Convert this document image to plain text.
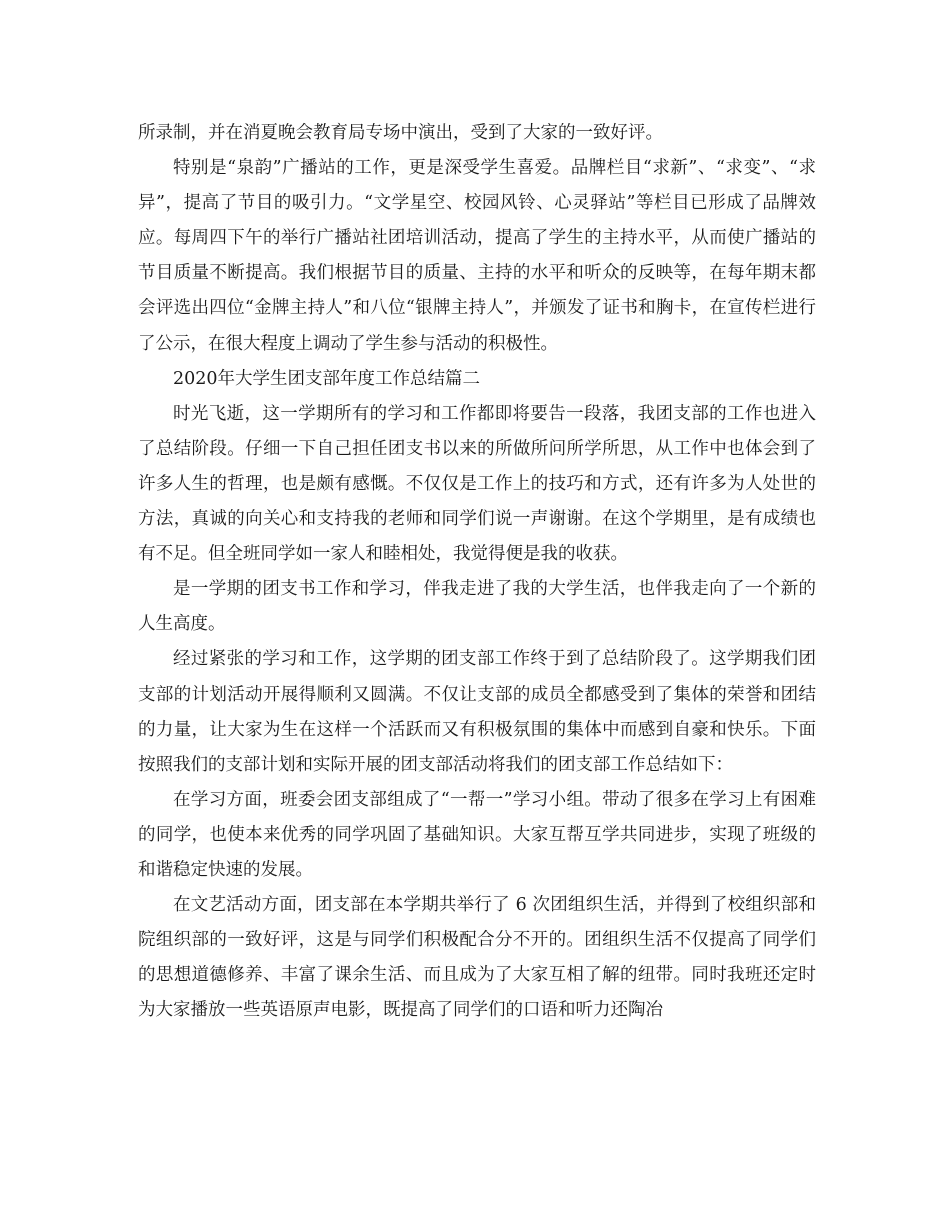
所录制，并在消夏晚会教育局专场中演出，受到了大家的一致好评。

特别是“泉韵”广播站的工作，更是深受学生喜爱。品牌栏目“求新”、“求变”、“求异”，提高了节目的吸引力。“文学星空、校园风铃、心灵驿站”等栏目已形成了品牌效应。每周四下午的举行广播站社团培训活动，提高了学生的主持水平，从而使广播站的节目质量不断提高。我们根据节目的质量、主持的水平和听众的反映等，在每年期末都会评选出四位“金牌主持人”和八位“银牌主持人”，并颁发了证书和胸卡，在宣传栏进行了公示，在很大程度上调动了学生参与活动的积极性。

2020年大学生团支部年度工作总结篇二

时光飞逝，这一学期所有的学习和工作都即将要告一段落，我团支部的工作也进入了总结阶段。仔细一下自己担任团支书以来的所做所问所学所思，从工作中也体会到了许多人生的哲理，也是颇有感慨。不仅仅是工作上的技巧和方式，还有许多为人处世的方法，真诚的向关心和支持我的老师和同学们说一声谢谢。在这个学期里，是有成绩也有不足。但全班同学如一家人和睦相处，我觉得便是我的收获。

是一学期的团支书工作和学习，伴我走进了我的大学生活，也伴我走向了一个新的人生高度。

经过紧张的学习和工作，这学期的团支部工作终于到了总结阶段了。这学期我们团支部的计划活动开展得顺利又圆满。不仅让支部的成员全都感受到了集体的荣誉和团结的力量，让大家为生在这样一个活跃而又有积极氛围的集体中而感到自豪和快乐。下面按照我们的支部计划和实际开展的团支部活动将我们的团支部工作总结如下：

在学习方面，班委会团支部组成了“一帮一”学习小组。带动了很多在学习上有困难的同学，也使本来优秀的同学巩固了基础知识。大家互帮互学共同进步，实现了班级的和谐稳定快速的发展。

在文艺活动方面，团支部在本学期共举行了 6 次团组织生活，并得到了校组织部和院组织部的一致好评，这是与同学们积极配合分不开的。团组织生活不仅提高了同学们的思想道德修养、丰富了课余生活、而且成为了大家互相了解的纽带。同时我班还定时为大家播放一些英语原声电影，既提高了同学们的口语和听力还陶冶
